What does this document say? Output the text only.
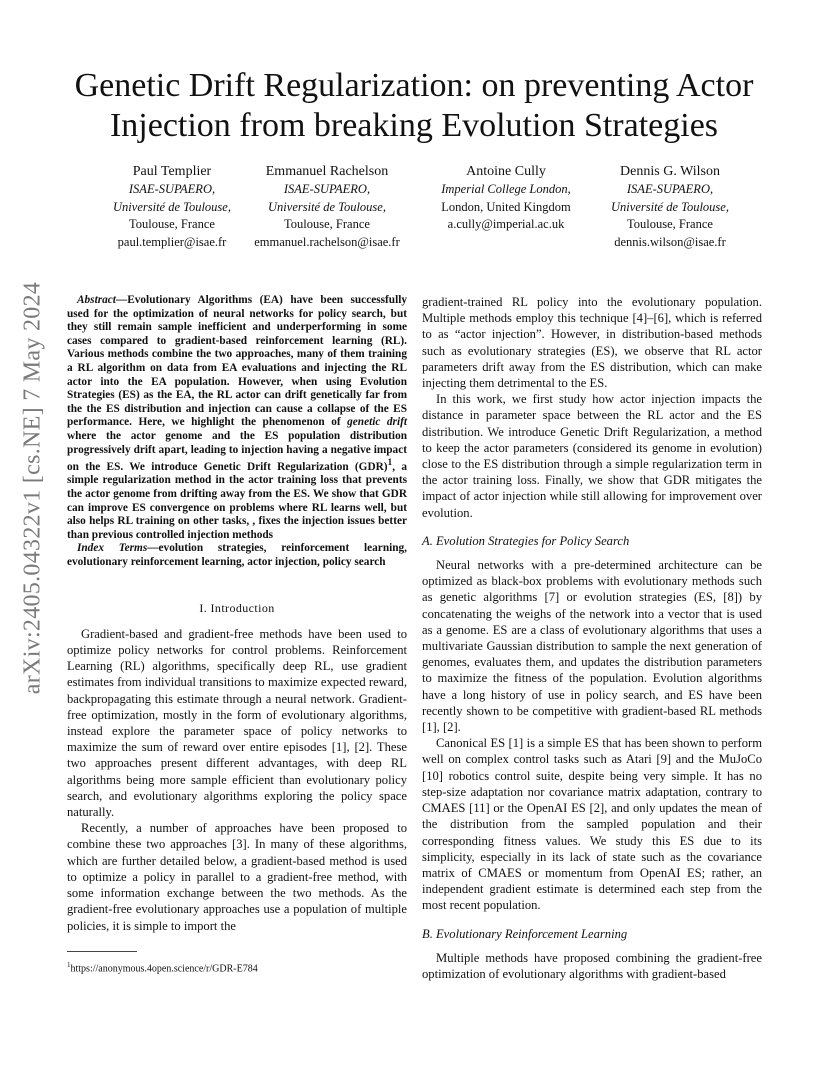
arXiv:2405.04322v1 [cs.NE] 7 May 2024
Genetic Drift Regularization: on preventing Actor Injection from breaking Evolution Strategies
Paul Templier
ISAE-SUPAERO,
Université de Toulouse,
Toulouse, France
paul.templier@isae.fr
Emmanuel Rachelson
ISAE-SUPAERO,
Université de Toulouse,
Toulouse, France
emmanuel.rachelson@isae.fr
Antoine Cully
Imperial College London,
London, United Kingdom
a.cully@imperial.ac.uk
Dennis G. Wilson
ISAE-SUPAERO,
Université de Toulouse,
Toulouse, France
dennis.wilson@isae.fr

Abstract—Evolutionary Algorithms (EA) have been successfully used for the optimization of neural networks for policy search, but they still remain sample inefficient and underperforming in some cases compared to gradient-based reinforcement learning (RL). Various methods combine the two approaches, many of them training a RL algorithm on data from EA evaluations and injecting the RL actor into the EA population. However, when using Evolution Strategies (ES) as the EA, the RL actor can drift genetically far from the the ES distribution and injection can cause a collapse of the ES performance. Here, we highlight the phenomenon of genetic drift where the actor genome and the ES population distribution progressively drift apart, leading to injection having a negative impact on the ES. We introduce Genetic Drift Regularization (GDR)$^1$, a simple regularization method in the actor training loss that prevents the actor genome from drifting away from the ES. We show that GDR can improve ES convergence on problems where RL learns well, but also helps RL training on other tasks, , fixes the injection issues better than previous controlled injection methods

Index Terms—evolution strategies, reinforcement learning, evolutionary reinforcement learning, actor injection, policy search

I. Introduction

Gradient-based and gradient-free methods have been used to optimize policy networks for control problems. Reinforcement Learning (RL) algorithms, specifically deep RL, use gradient estimates from individual transitions to maximize expected reward, backpropagating this estimate through a neural network. Gradient-free optimization, mostly in the form of evolutionary algorithms, instead explore the parameter space of policy networks to maximize the sum of reward over entire episodes [1], [2]. These two approaches present different advantages, with deep RL algorithms being more sample efficient than evolutionary policy search, and evolutionary algorithms exploring the policy space naturally.

Recently, a number of approaches have been proposed to combine these two approaches [3]. In many of these algorithms, which are further detailed below, a gradient-based method is used to optimize a policy in parallel to a gradient-free method, with some information exchange between the two methods. As the gradient-free evolutionary approaches use a population of multiple policies, it is simple to import the

gradient-trained RL policy into the evolutionary population. Multiple methods employ this technique [4]–[6], which is referred to as “actor injection”. However, in distribution-based methods such as evolutionary strategies (ES), we observe that RL actor parameters drift away from the ES distribution, which can make injecting them detrimental to the ES.

In this work, we first study how actor injection impacts the distance in parameter space between the RL actor and the ES distribution. We introduce Genetic Drift Regularization, a method to keep the actor parameters (considered its genome in evolution) close to the ES distribution through a simple regularization term in the actor training loss. Finally, we show that GDR mitigates the impact of actor injection while still allowing for improvement over evolution.

A. Evolution Strategies for Policy Search

Neural networks with a pre-determined architecture can be optimized as black-box problems with evolutionary methods such as genetic algorithms [7] or evolution strategies (ES, [8]) by concatenating the weighs of the network into a vector that is used as a genome. ES are a class of evolutionary algorithms that uses a multivariate Gaussian distribution to sample the next generation of genomes, evaluates them, and updates the distribution parameters to maximize the fitness of the population. Evolution algorithms have a long history of use in policy search, and ES have been recently shown to be competitive with gradient-based RL methods [1], [2].

Canonical ES [1] is a simple ES that has been shown to perform well on complex control tasks such as Atari [9] and the MuJoCo [10] robotics control suite, despite being very simple. It has no step-size adaptation nor covariance matrix adaptation, contrary to CMAES [11] or the OpenAI ES [2], and only updates the mean of the distribution from the sampled population and their corresponding fitness values. We study this ES due to its simplicity, especially in its lack of state such as the covariance matrix of CMAES or momentum from OpenAI ES; rather, an independent gradient estimate is determined each step from the most recent population.

B. Evolutionary Reinforcement Learning

Multiple methods have proposed combining the gradient-free optimization of evolutionary algorithms with gradient-based

$^1$https://anonymous.4open.science/r/GDR-E784
